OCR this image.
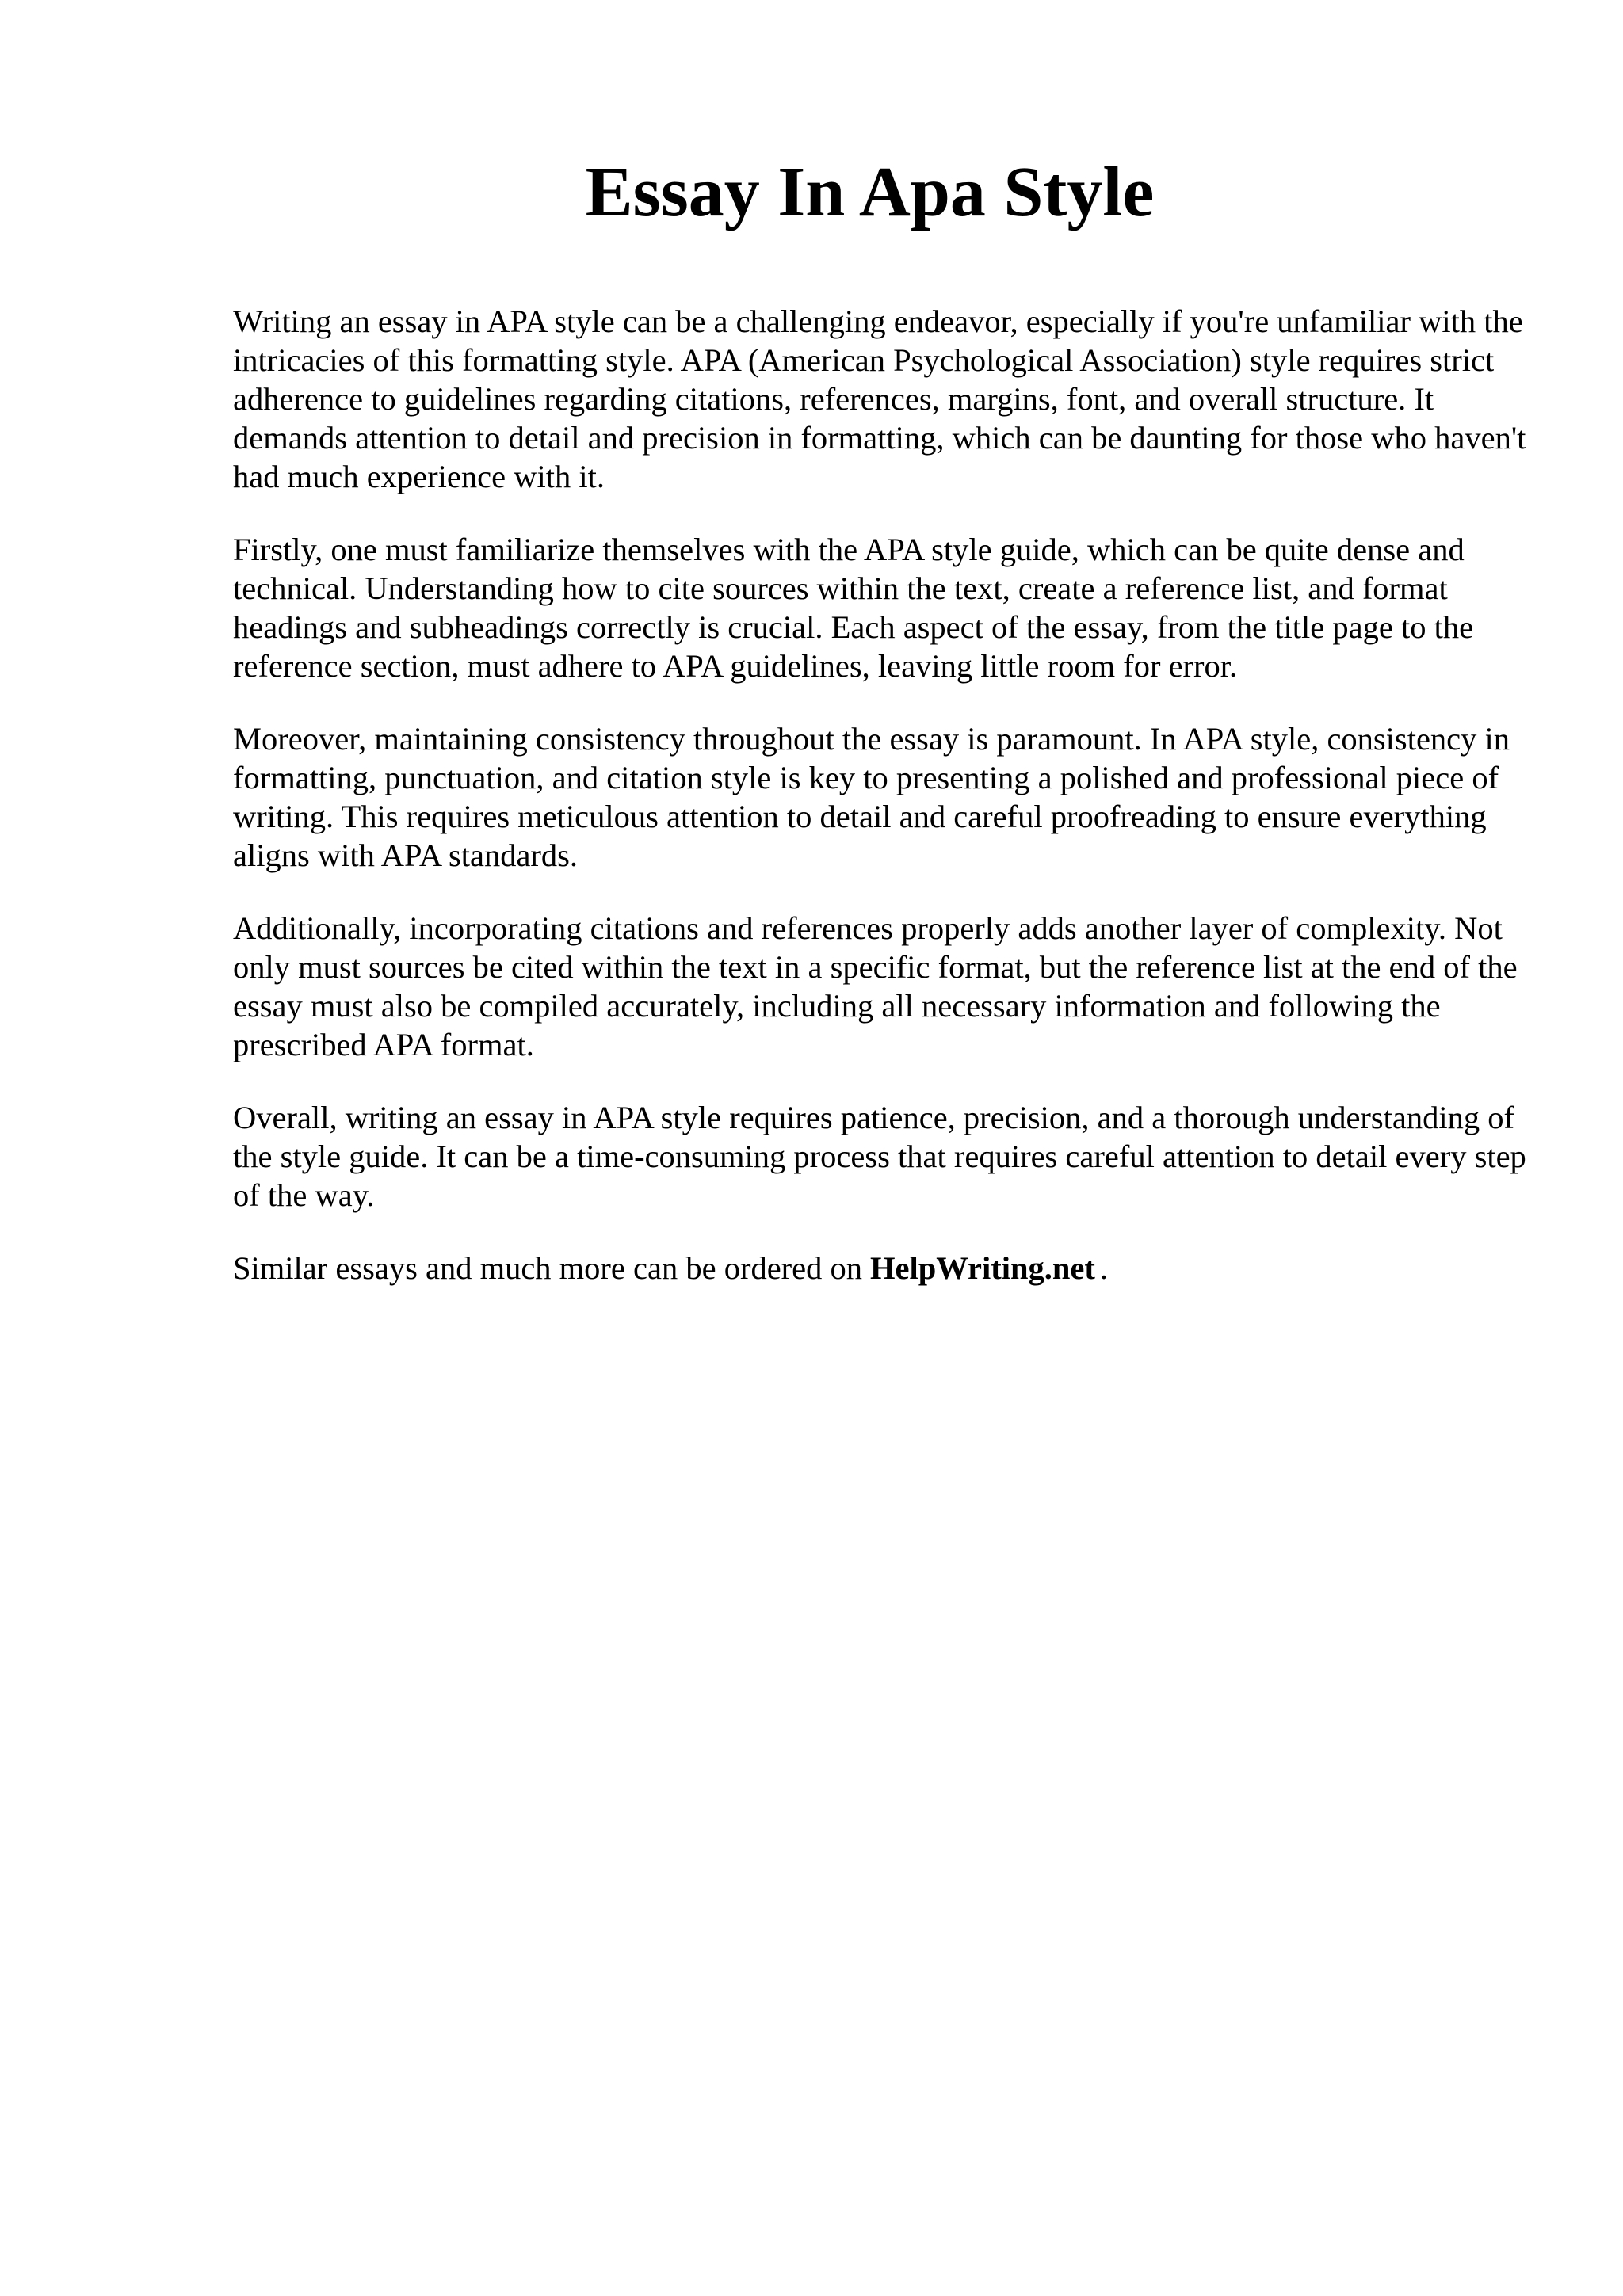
Essay In Apa Style

Writing an essay in APA style can be a challenging endeavor, especially if you're unfamiliar with the intricacies of this formatting style. APA (American Psychological Association) style requires strict adherence to guidelines regarding citations, references, margins, font, and overall structure. It demands attention to detail and precision in formatting, which can be daunting for those who haven't had much experience with it.

Firstly, one must familiarize themselves with the APA style guide, which can be quite dense and technical. Understanding how to cite sources within the text, create a reference list, and format headings and subheadings correctly is crucial. Each aspect of the essay, from the title page to the reference section, must adhere to APA guidelines, leaving little room for error.

Moreover, maintaining consistency throughout the essay is paramount. In APA style, consistency in formatting, punctuation, and citation style is key to presenting a polished and professional piece of writing. This requires meticulous attention to detail and careful proofreading to ensure everything aligns with APA standards.

Additionally, incorporating citations and references properly adds another layer of complexity. Not only must sources be cited within the text in a specific format, but the reference list at the end of the essay must also be compiled accurately, including all necessary information and following the prescribed APA format.

Overall, writing an essay in APA style requires patience, precision, and a thorough understanding of the style guide. It can be a time-consuming process that requires careful attention to detail every step of the way.

Similar essays and much more can be ordered on HelpWriting.net .
